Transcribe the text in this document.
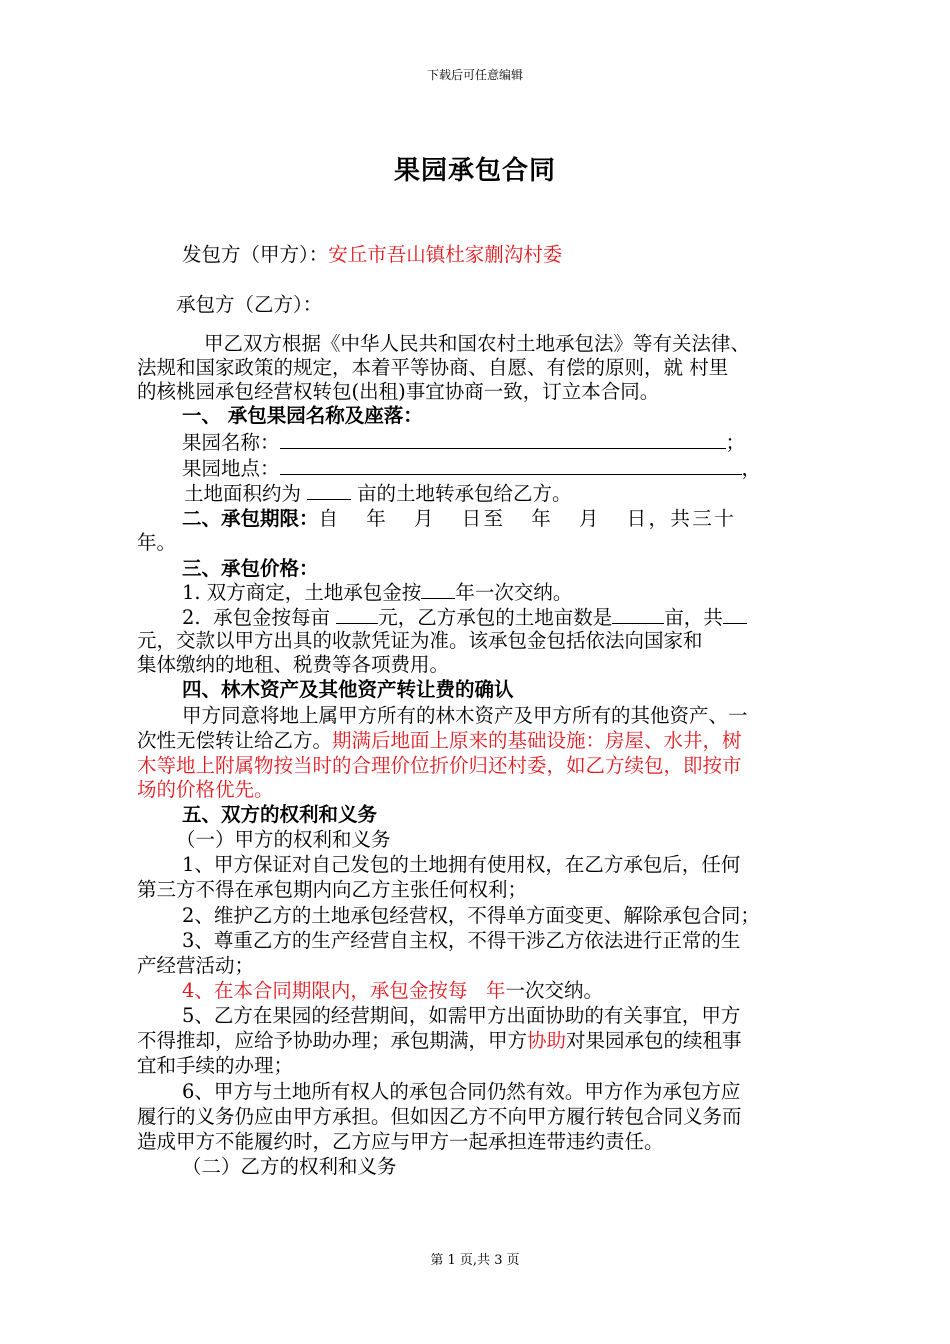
下载后可任意编辑
果园承包合同
发包方（甲方）：安丘市吾山镇杜家蒯沟村委
承包方（乙方）：
甲乙双方根据《中华人民共和国农村土地承包法》等有关法律、
法规和国家政策的规定，本着平等协商、自愿、有偿的原则，就 村里
的核桃园承包经营权转包(出租)事宜协商一致，订立本合同。
一、 承包果园名称及座落：
果园名称：	；
果园地点：	，
土地面积约为	亩的土地转承包给乙方。
二、承包期限：自   年   月   日至   年   月   日，共三十
年。
三、承包价格：
1. 双方商定，土地承包金按 年一次交纳。
2.  承包金按每亩 元，乙方承包的土地亩数是	亩，共
元，交款以甲方出具的收款凭证为准。该承包金包括依法向国家和
集体缴纳的地租、税费等各项费用。
四、林木资产及其他资产转让费的确认
甲方同意将地上属甲方所有的林木资产及甲方所有的其他资产、一
次性无偿转让给乙方。期满后地面上原来的基础设施：房屋、水井，树
木等地上附属物按当时的合理价位折价归还村委，如乙方续包，即按市
场的价格优先。
五、双方的权利和义务
（一）甲方的权利和义务
1、甲方保证对自己发包的土地拥有使用权，在乙方承包后，任何
第三方不得在承包期内向乙方主张任何权利；
2、维护乙方的土地承包经营权，不得单方面变更、解除承包合同；
3、尊重乙方的生产经营自主权，不得干涉乙方依法进行正常的生
产经营活动；
4、在本合同期限内，承包金按每   年一次交纳。
5、乙方在果园的经营期间，如需甲方出面协助的有关事宜，甲方
不得推却，应给予协助办理；承包期满，甲方协助对果园承包的续租事
宜和手续的办理；
6、甲方与土地所有权人的承包合同仍然有效。甲方作为承包方应
履行的义务仍应由甲方承担。但如因乙方不向甲方履行转包合同义务而
造成甲方不能履约时，乙方应与甲方一起承担连带违约责任。
（二）乙方的权利和义务
第 1 页,共 3 页
